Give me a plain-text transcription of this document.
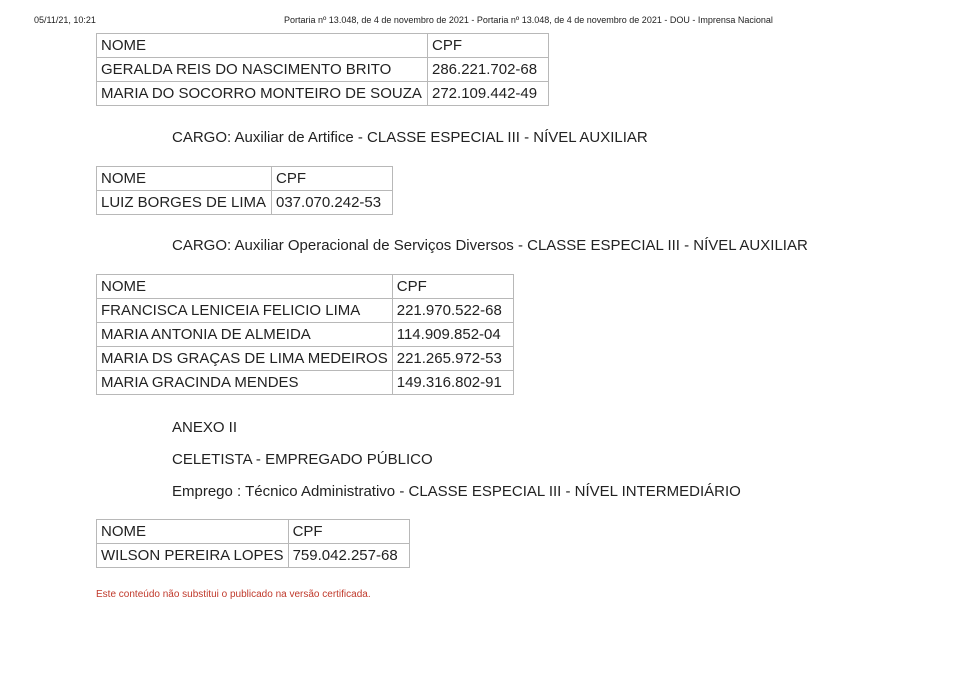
05/11/21, 10:21	Portaria nº 13.048, de 4 de novembro de 2021 - Portaria nº 13.048, de 4 de novembro de 2021 - DOU - Imprensa Nacional
NOME	CPF
GERALDA REIS DO NASCIMENTO BRITO	286.221.702-68
MARIA DO SOCORRO MONTEIRO DE SOUZA	272.109.442-49
CARGO: Auxiliar de Artifice - CLASSE ESPECIAL III - NÍVEL AUXILIAR
NOME	CPF
LUIZ BORGES DE LIMA	037.070.242-53
CARGO: Auxiliar Operacional de Serviços Diversos - CLASSE ESPECIAL III - NÍVEL AUXILIAR
NOME	CPF
FRANCISCA LENICEIA FELICIO LIMA	221.970.522-68
MARIA ANTONIA DE ALMEIDA	114.909.852-04
MARIA DS GRAÇAS DE LIMA MEDEIROS	221.265.972-53
MARIA GRACINDA MENDES	149.316.802-91
ANEXO II
CELETISTA - EMPREGADO PÚBLICO
Emprego : Técnico Administrativo - CLASSE ESPECIAL III - NÍVEL INTERMEDIÁRIO
NOME	CPF
WILSON PEREIRA LOPES	759.042.257-68
Este conteúdo não substitui o publicado na versão certificada.
